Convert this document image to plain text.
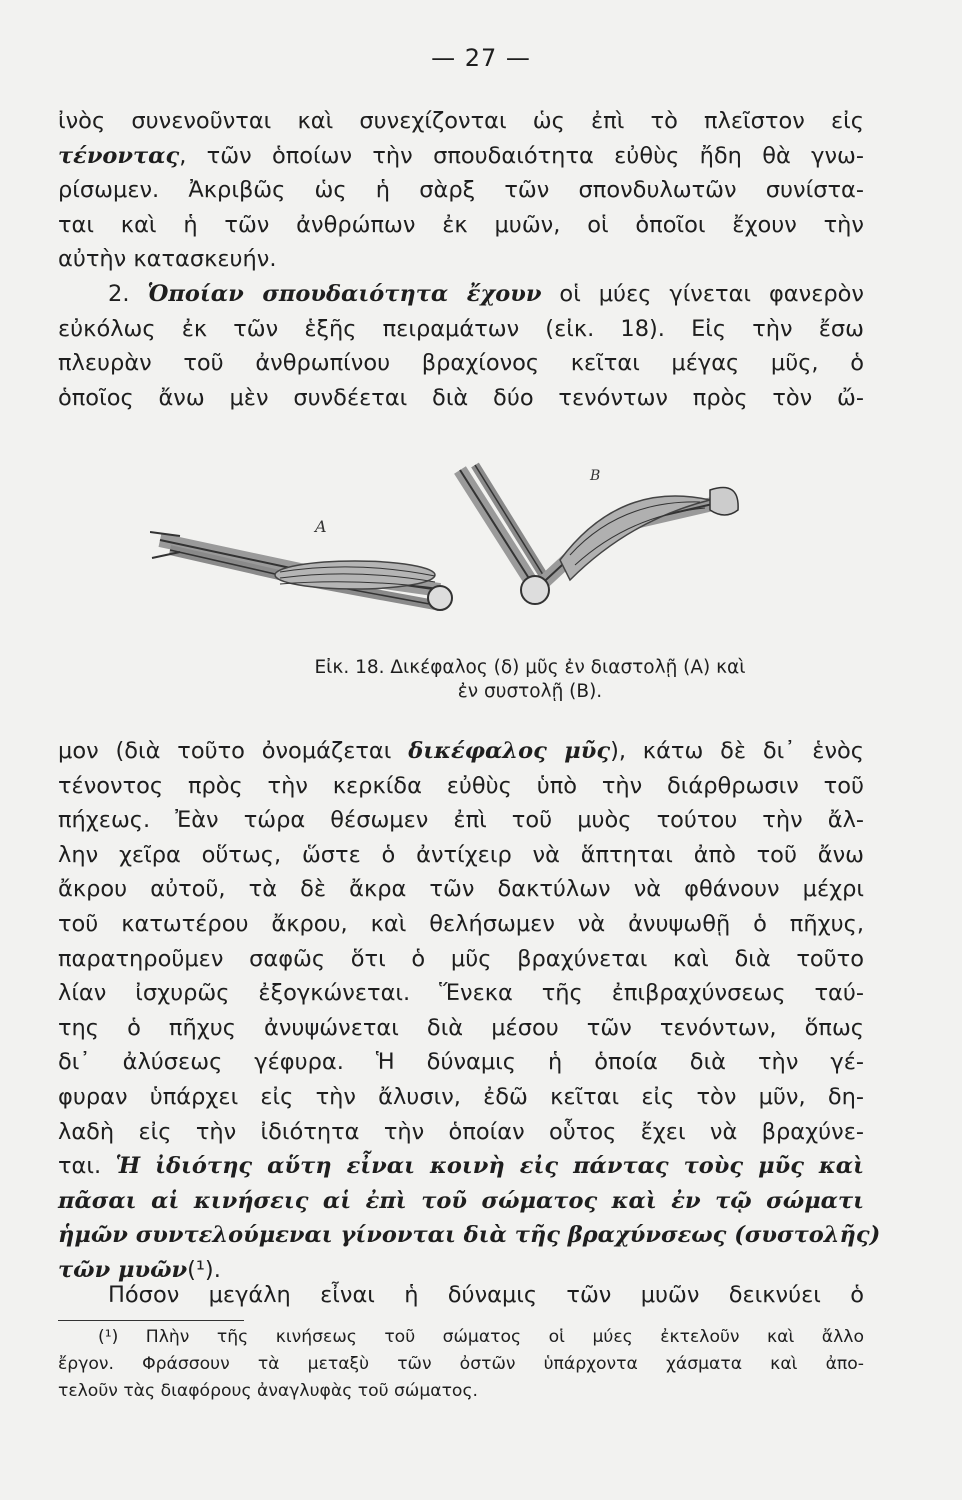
— 27 —
ἰνὸς συνενοῦνται καὶ συνεχίζονται ὡς ἐπὶ τὸ πλεῖστον εἰς
τένοντας, τῶν ὁποίων τὴν σπουδαιότητα εὐθὺς ἤδη θὰ γνω-
ρίσωμεν. Ἀκριβῶς ὡς ἡ σὰρξ τῶν σπονδυλωτῶν συνίστα-
ται καὶ ἡ τῶν ἀνθρώπων ἐκ μυῶν, οἱ ὁποῖοι ἔχουν τὴν
αὐτὴν κατασκευήν.
2. Ὁποίαν σπουδαιότητα ἔχουν οἱ μύες γίνεται φανερὸν
εὐκόλως ἐκ τῶν ἑξῆς πειραμάτων (εἰκ. 18). Εἰς τὴν ἔσω
πλευρὰν τοῦ ἀνθρωπίνου βραχίονος κεῖται μέγας μῦς, ὁ
ὁποῖος ἄνω μὲν συνδέεται διὰ δύο τενόντων πρὸς τὸν ὤ-
Α
Β
Εἰκ. 18. Δικέφαλος (δ) μῦς ἐν διαστολῇ (Α) καὶ
ἐν συστολῇ (Β).
μον (διὰ τοῦτο ὀνομάζεται δικέφαλος μῦς), κάτω δὲ δι᾽ ἑνὸς
τένοντος πρὸς τὴν κερκίδα εὐθὺς ὑπὸ τὴν διάρθρωσιν τοῦ
πήχεως. Ἐὰν τώρα θέσωμεν ἐπὶ τοῦ μυὸς τούτου τὴν ἄλ-
λην χεῖρα οὕτως, ὥστε ὁ ἀντίχειρ νὰ ἅπτηται ἀπὸ τοῦ ἄνω
ἄκρου αὐτοῦ, τὰ δὲ ἄκρα τῶν δακτύλων νὰ φθάνουν μέχρι
τοῦ κατωτέρου ἄκρου, καὶ θελήσωμεν νὰ ἀνυψωθῇ ὁ πῆχυς,
παρατηροῦμεν σαφῶς ὅτι ὁ μῦς βραχύνεται καὶ διὰ τοῦτο
λίαν ἰσχυρῶς ἐξογκώνεται. Ἕνεκα τῆς ἐπιβραχύνσεως ταύ-
της ὁ πῆχυς ἀνυψώνεται διὰ μέσου τῶν τενόντων, ὅπως
δι᾽ ἀλύσεως γέφυρα. Ἡ δύναμις ἡ ὁποία διὰ τὴν γέ-
φυραν ὑπάρχει εἰς τὴν ἄλυσιν, ἐδῶ κεῖται εἰς τὸν μῦν, δη-
λαδὴ εἰς τὴν ἰδιότητα τὴν ὁποίαν οὗτος ἔχει νὰ βραχύνε-
ται. Ἡ ἰδιότης αὕτη εἶναι κοινὴ εἰς πάντας τοὺς μῦς καὶ
πᾶσαι αἱ κινήσεις αἱ ἐπὶ τοῦ σώματος καὶ ἐν τῷ σώματι
ἡμῶν συντελούμεναι γίνονται διὰ τῆς βραχύνσεως (συστολῆς)
τῶν μυῶν(¹).
Πόσον μεγάλη εἶναι ἡ δύναμις τῶν μυῶν δεικνύει ὁ
(¹) Πλὴν τῆς κινήσεως τοῦ σώματος οἱ μύες ἐκτελοῦν καὶ ἄλλο
ἔργον. Φράσσουν τὰ μεταξὺ τῶν ὀστῶν ὑπάρχοντα χάσματα καὶ ἀπο-
τελοῦν τὰς διαφόρους ἀναγλυφὰς τοῦ σώματος.
